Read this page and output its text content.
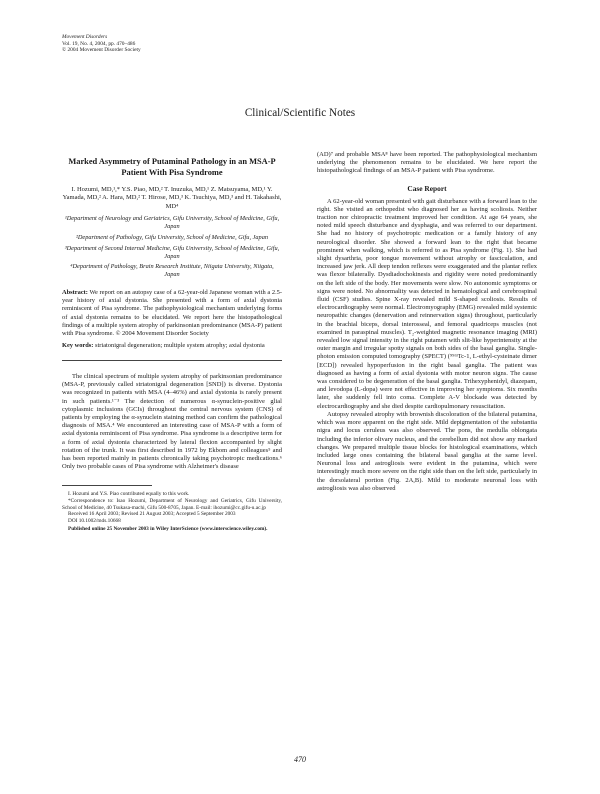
Movement Disorders
Vol. 19, No. 4, 2004, pp. 470–486
© 2004 Movement Disorder Society
Clinical/Scientific Notes
Marked Asymmetry of Putaminal Pathology in an MSA-P Patient With Pisa Syndrome
I. Hozumi, MD,¹,* Y.S. Piao, MD,² T. Inuzuka, MD,¹ Z. Matsuyama, MD,¹ Y. Yamada, MD,² A. Hara, MD,² T. Hirose, MD,³ K. Tsuchiya, MD,³ and H. Takahashi, MD⁴
¹Department of Neurology and Geriatrics, Gifu University, School of Medicine, Gifu, Japan
²Department of Pathology, Gifu University, School of Medicine, Gifu, Japan
³Department of Second Internal Medicine, Gifu University, School of Medicine, Gifu, Japan
⁴Department of Pathology, Brain Research Institute, Niigata University, Niigata, Japan
Abstract: We report on an autopsy case of a 62-year-old Japanese woman with a 2.5-year history of axial dystonia. She presented with a form of axial dystonia reminiscent of Pisa syndrome. The pathophysiological mechanism underlying forms of axial dystonia remains to be elucidated. We report here the histopathological findings of a multiple system atrophy of parkinsonian predominance (MSA-P) patient with Pisa syndrome. © 2004 Movement Disorder Society
Key words: striatonigral degeneration; multiple system atrophy; axial dystonia

The clinical spectrum of multiple system atrophy of parkinsonian predominance (MSA-P, previously called striatonigral degeneration [SND]) is diverse. Dystonia was recognized in patients with MSA (4–46%) and axial dystonia is rarely present in such patients.¹⁻³ The detection of numerous α-synuclein-positive glial cytoplasmic inclusions (GCIs) throughout the central nervous system (CNS) of patients by employing the α-synuclein staining method can confirm the pathological diagnosis of MSA.⁴ We encountered an interesting case of MSA-P with a form of axial dystonia reminiscent of Pisa syndrome. Pisa syndrome is a descriptive term for a form of axial dystonia characterized by lateral flexion accompanied by slight rotation of the trunk. It was first described in 1972 by Ekbom and colleagues⁵ and has been reported mainly in patients chronically taking psychotropic medications.⁶ Only two probable cases of Pisa syndrome with Alzheimer's disease

I. Hozumi and Y.S. Piao contributed equally to this work.

*Correspondence to: Isao Hozumi, Department of Neurology and Geriatrics, Gifu University, School of Medicine, 40 Tsukasa-machi, Gifu 500-8705, Japan. E-mail: ihozumi@cc.gifu-u.ac.jp

Received 16 April 2003; Revised 21 August 2003; Accepted 5 September 2003

DOI 10.1002/mds.10668

Published online 25 November 2003 in Wiley InterScience (www.interscience.wiley.com).

(AD)⁷ and probable MSA⁸ have been reported. The pathophysiological mechanism underlying the phenomenon remains to be elucidated. We here report the histopathological findings of an MSA-P patient with Pisa syndrome.

Case Report

A 62-year-old woman presented with gait disturbance with a forward lean to the right. She visited an orthopedist who diagnosed her as having scoliosis. Neither traction nor chiropractic treatment improved her condition. At age 64 years, she noted mild speech disturbance and dysphagia, and was referred to our department. She had no history of psychotropic medication or a family history of any neurological disorder. She showed a forward lean to the right that became prominent when walking, which is referred to as Pisa syndrome (Fig. 1). She had slight dysarthria, poor tongue movement without atrophy or fasciculation, and increased jaw jerk. All deep tendon reflexes were exaggerated and the plantar reflex was flexor bilaterally. Dysdiadochokinesis and rigidity were noted predominantly on the left side of the body. Her movements were slow. No autonomic symptoms or signs were noted. No abnormality was detected in hematological and cerebrospinal fluid (CSF) studies. Spine X-ray revealed mild S-shaped scoliosis. Results of electrocardiography were normal. Electromyography (EMG) revealed mild systemic neuropathic changes (denervation and reinnervation signs) throughout, particularly in the brachial biceps, dorsal interosseal, and femoral quadriceps muscles (not examined in paraspinal muscles). T₂-weighted magnetic resonance imaging (MRI) revealed low signal intensity in the right putamen with slit-like hyperintensity at the outer margin and irregular spotty signals on both sides of the basal ganglia. Single-photon emission computed tomography (SPECT) (⁹⁹ᵐTc-1, L-ethyl-cysteinate dimer [ECD]) revealed hypoperfusion in the right basal ganglia. The patient was diagnosed as having a form of axial dystonia with motor neuron signs. The cause was considered to be degeneration of the basal ganglia. Trihexyphenidyl, diazepam, and levodopa (L-dopa) were not effective in improving her symptoms. Six months later, she suddenly fell into coma. Complete A-V blockade was detected by electrocardiography and she died despite cardiopulmonary resuscitation.

Autopsy revealed atrophy with brownish discoloration of the bilateral putamina, which was more apparent on the right side. Mild depigmentation of the substantia nigra and locus ceruleus was also observed. The pons, the medulla oblongata including the inferior olivary nucleus, and the cerebellum did not show any marked changes. We prepared multiple tissue blocks for histological examinations, which included large ones containing the bilateral basal ganglia at the same level. Neuronal loss and astrogliosis were evident in the putamina, which were interestingly much more severe on the right side than on the left side, particularly in the dorsolateral portion (Fig. 2A,B). Mild to moderate neuronal loss with astrogliosis was also observed

470
